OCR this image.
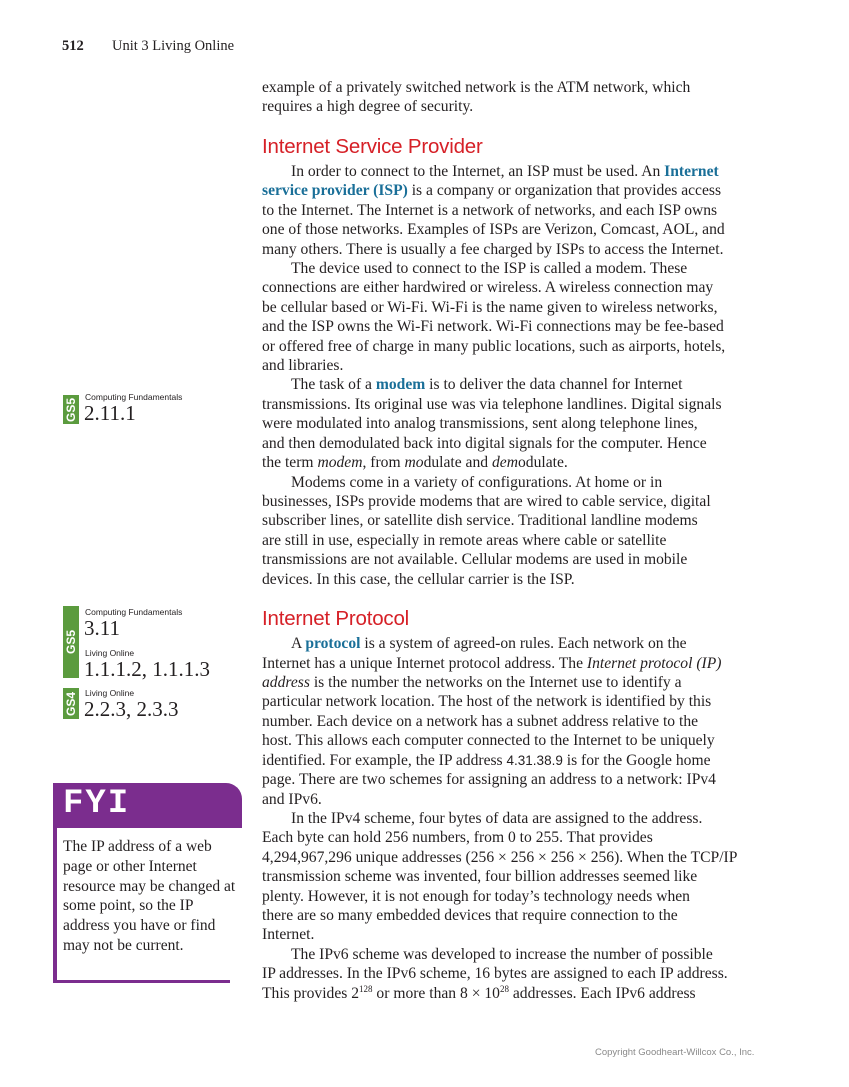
512 Unit 3 Living Online
GS5
Computing Fundamentals
2.11.1
GS5
Computing Fundamentals
3.11
Living Online
1.1.1.2, 1.1.1.3
GS4 Living Online
2.2.3, 2.3.3
FYI
The IP address of a web page or other Internet resource may be changed at some point, so the IP address you have or find may not be current.
example of a privately switched network is the ATM network, which
requires a high degree of security.
Internet Service Provider
In order to connect to the Internet, an ISP must be used. An Internet
service provider (ISP) is a company or organization that provides access
to the Internet. The Internet is a network of networks, and each ISP owns
one of those networks. Examples of ISPs are Verizon, Comcast, AOL, and
many others. There is usually a fee charged by ISPs to access the Internet.
The device used to connect to the ISP is called a modem. These
connections are either hardwired or wireless. A wireless connection may
be cellular based or Wi-Fi. Wi-Fi is the name given to wireless networks,
and the ISP owns the Wi-Fi network. Wi-Fi connections may be fee-based
or offered free of charge in many public locations, such as airports, hotels,
and libraries.
The task of a modem is to deliver the data channel for Internet
transmissions. Its original use was via telephone landlines. Digital signals
were modulated into analog transmissions, sent along telephone lines,
and then demodulated back into digital signals for the computer. Hence
the term modem, from modulate and demodulate.
Modems come in a variety of configurations. At home or in
businesses, ISPs provide modems that are wired to cable service, digital
subscriber lines, or satellite dish service. Traditional landline modems
are still in use, especially in remote areas where cable or satellite
transmissions are not available. Cellular modems are used in mobile
devices. In this case, the cellular carrier is the ISP.
Internet Protocol
A protocol is a system of agreed-on rules. Each network on the
Internet has a unique Internet protocol address. The Internet protocol (IP)
address is the number the networks on the Internet use to identify a
particular network location. The host of the network is identified by this
number. Each device on a network has a subnet address relative to the
host. This allows each computer connected to the Internet to be uniquely
identified. For example, the IP address 4.31.38.9 is for the Google home
page. There are two schemes for assigning an address to a network: IPv4
and IPv6.
In the IPv4 scheme, four bytes of data are assigned to the address.
Each byte can hold 256 numbers, from 0 to 255. That provides
4,294,967,296 unique addresses (256 × 256 × 256 × 256). When the TCP/IP
transmission scheme was invented, four billion addresses seemed like
plenty. However, it is not enough for today’s technology needs when
there are so many embedded devices that require connection to the
Internet.
The IPv6 scheme was developed to increase the number of possible
IP addresses. In the IPv6 scheme, 16 bytes are assigned to each IP address.
This provides $2^{128}$ or more than $8 \times 10^{28}$ addresses. Each IPv6 address
Copyright Goodheart-Willcox Co., Inc.
